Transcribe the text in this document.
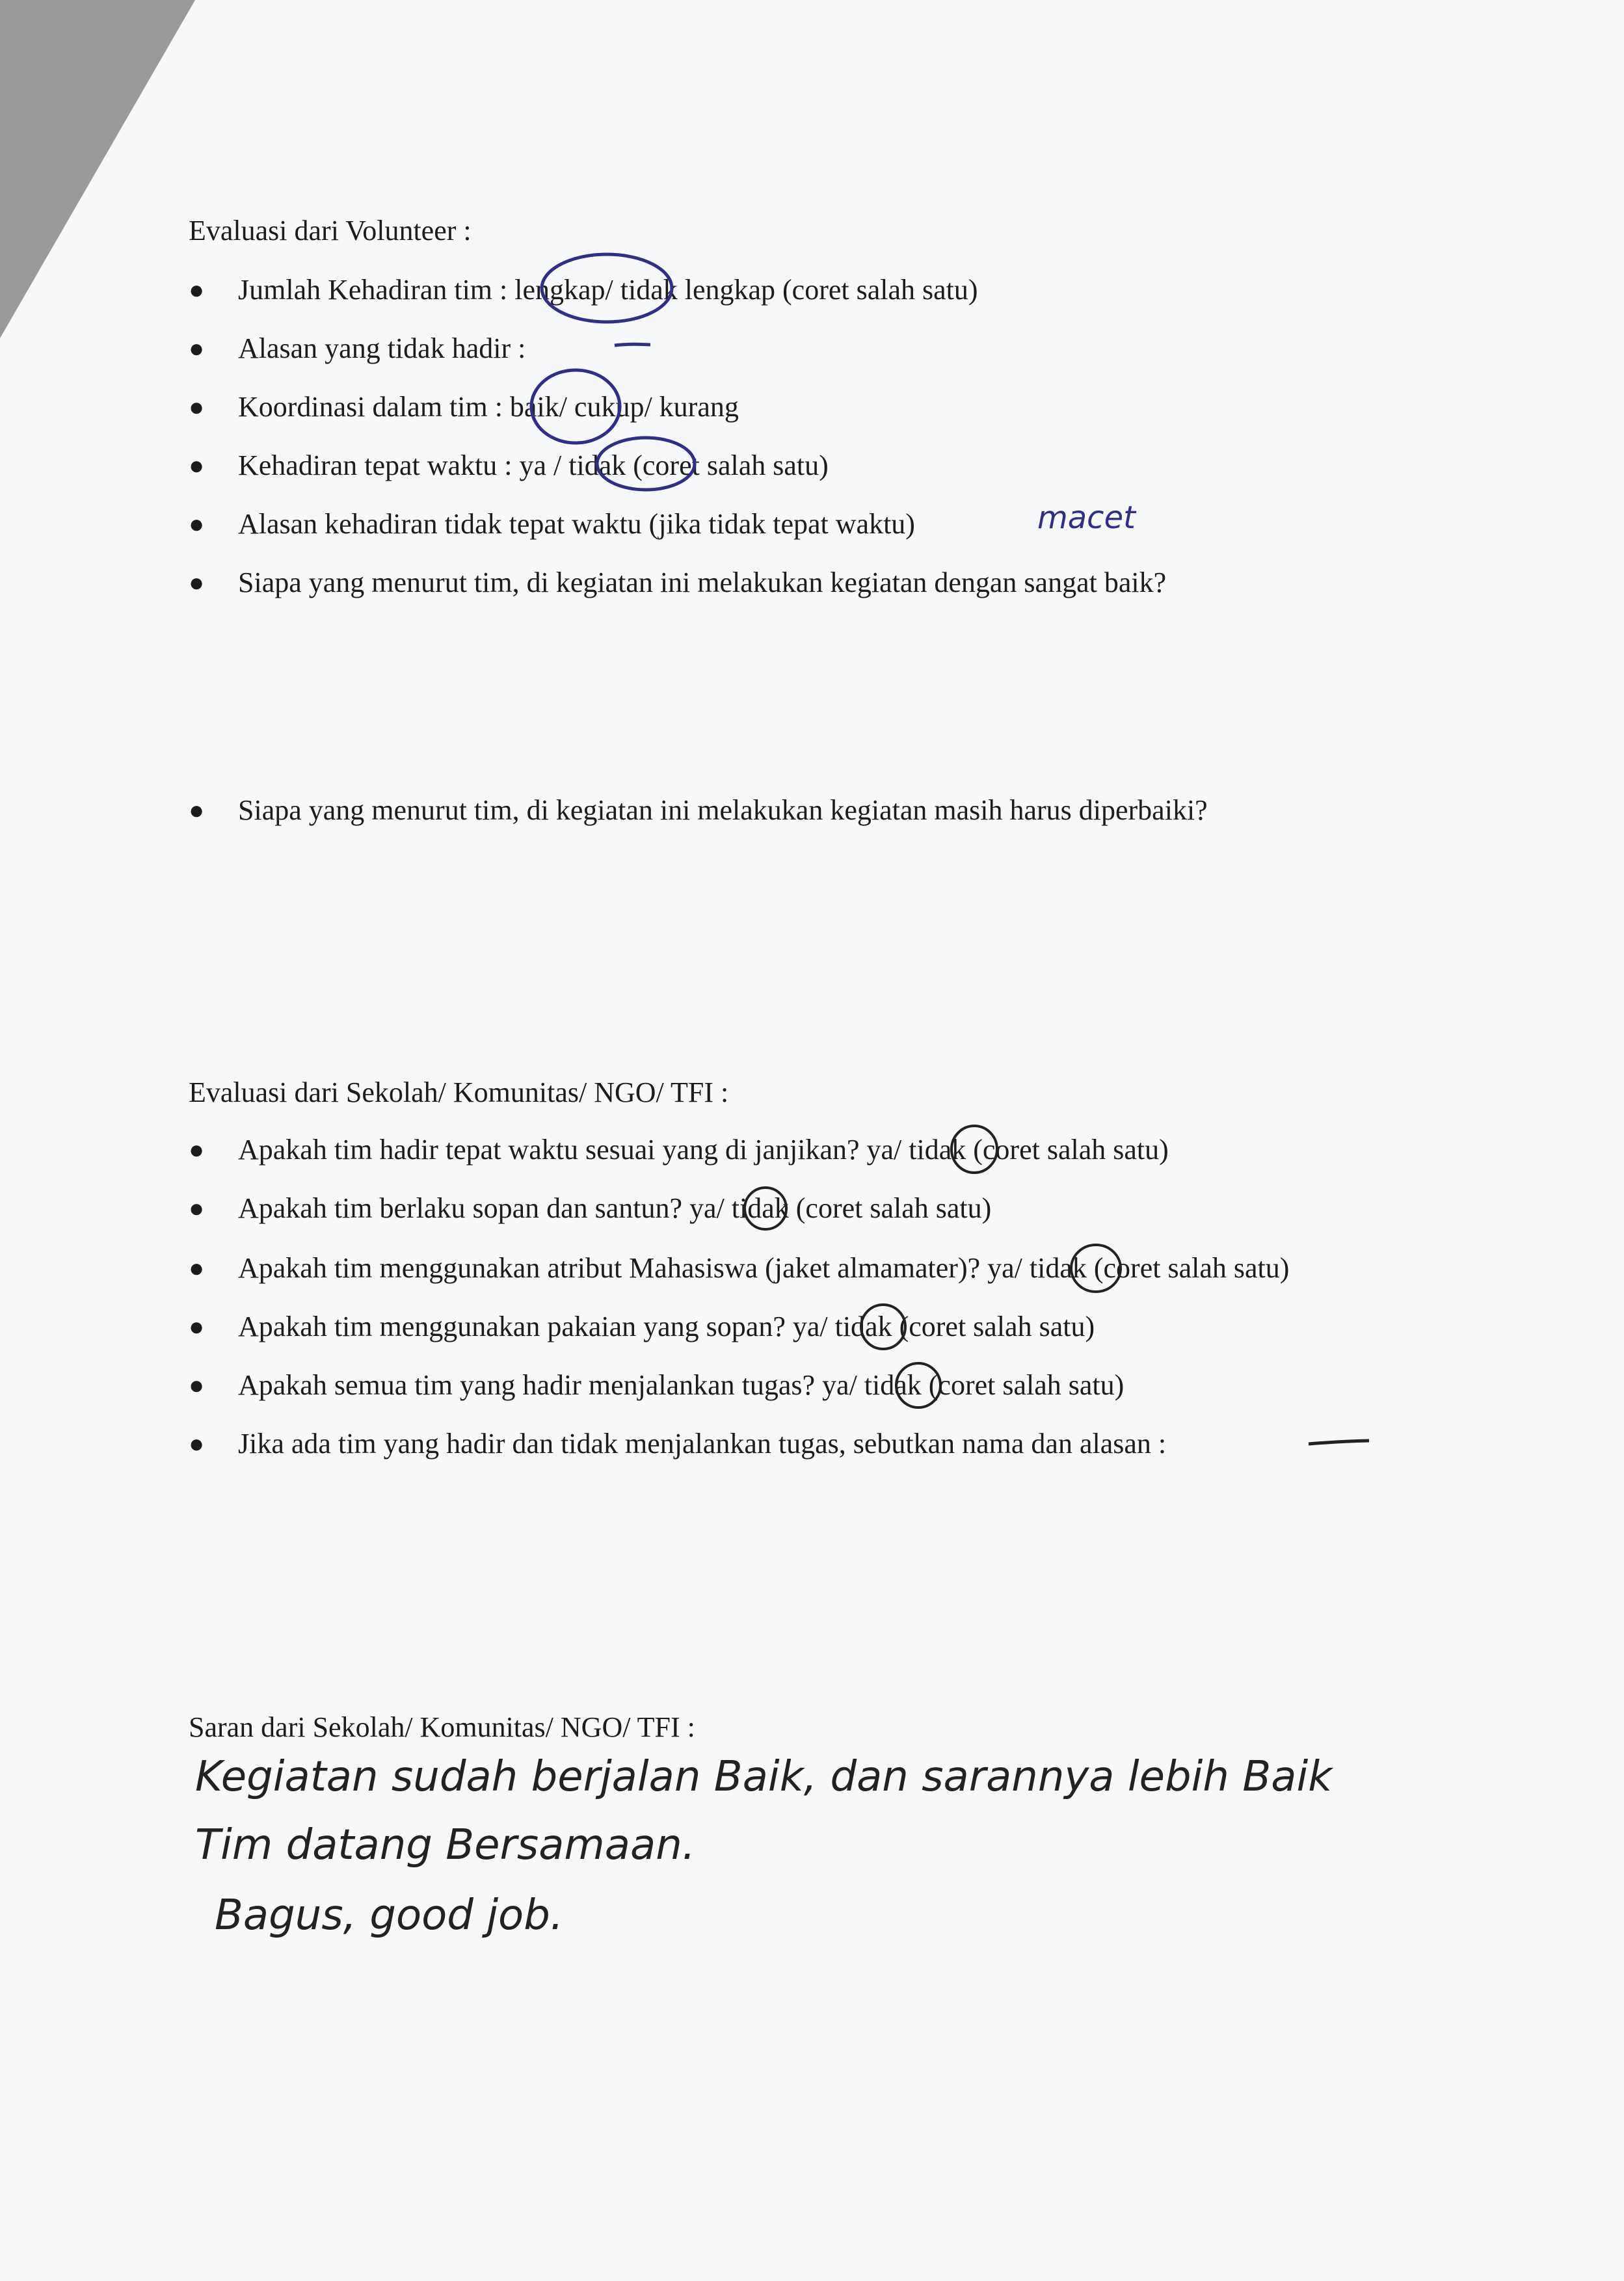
Evaluasi dari Volunteer :
● Jumlah Kehadiran tim : lengkap/ tidak lengkap (coret salah satu)
● Alasan yang tidak hadir :
● Koordinasi dalam tim : baik/ cukup/ kurang
● Kehadiran tepat waktu : ya / tidak (coret salah satu)
● Alasan kehadiran tidak tepat waktu (jika tidak tepat waktu)	macet
● Siapa yang menurut tim, di kegiatan ini melakukan kegiatan dengan sangat baik?
● Siapa yang menurut tim, di kegiatan ini melakukan kegiatan masih harus diperbaiki?
Evaluasi dari Sekolah/ Komunitas/ NGO/ TFI :
● Apakah tim hadir tepat waktu sesuai yang di janjikan? ya/ tidak (coret salah satu)
● Apakah tim berlaku sopan dan santun? ya/ tidak (coret salah satu)
● Apakah tim menggunakan atribut Mahasiswa (jaket almamater)? ya/ tidak (coret salah satu)
● Apakah tim menggunakan pakaian yang sopan? ya/ tidak (coret salah satu)
● Apakah semua tim yang hadir menjalankan tugas? ya/ tidak (coret salah satu)
● Jika ada tim yang hadir dan tidak menjalankan tugas, sebutkan nama dan alasan :
Saran dari Sekolah/ Komunitas/ NGO/ TFI :
Kegiatan sudah berjalan Baik, dan sarannya lebih Baik
Tim datang Bersamaan.
Bagus, good job.
